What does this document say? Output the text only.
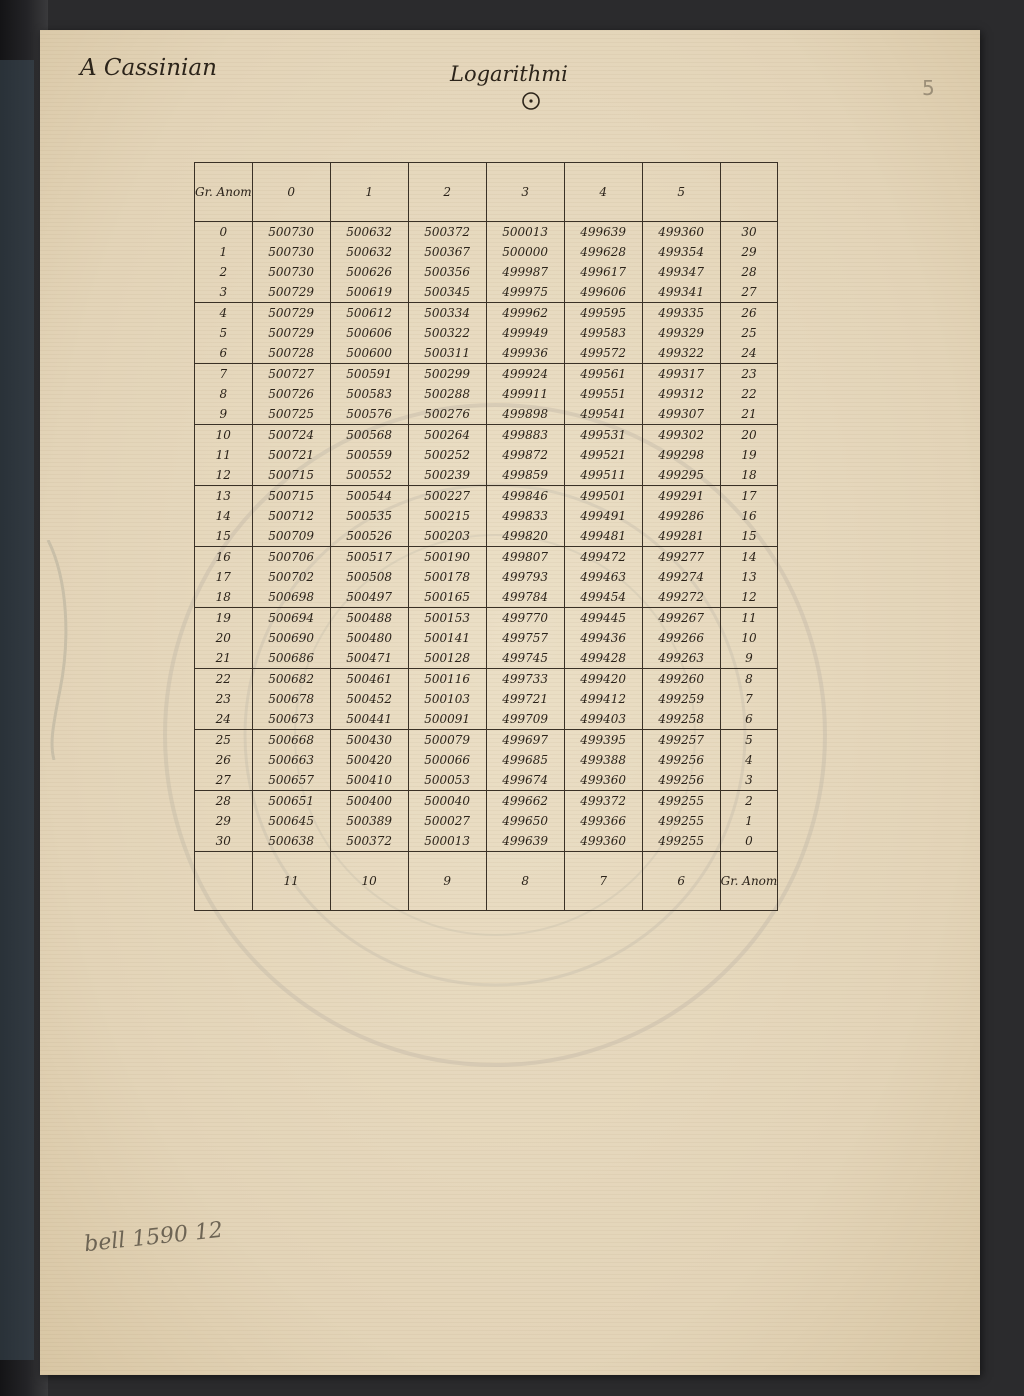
5
A Cassinian	Logarithmi
bell 1590 12
Gr. Anom	0	1	2	3	4	5	
0	500730	500632	500372	500013	499639	499360	30
1	500730	500632	500367	500000	499628	499354	29
2	500730	500626	500356	499987	499617	499347	28
3	500729	500619	500345	499975	499606	499341	27
4	500729	500612	500334	499962	499595	499335	26
5	500729	500606	500322	499949	499583	499329	25
6	500728	500600	500311	499936	499572	499322	24
7	500727	500591	500299	499924	499561	499317	23
8	500726	500583	500288	499911	499551	499312	22
9	500725	500576	500276	499898	499541	499307	21
10	500724	500568	500264	499883	499531	499302	20
11	500721	500559	500252	499872	499521	499298	19
12	500715	500552	500239	499859	499511	499295	18
13	500715	500544	500227	499846	499501	499291	17
14	500712	500535	500215	499833	499491	499286	16
15	500709	500526	500203	499820	499481	499281	15
16	500706	500517	500190	499807	499472	499277	14
17	500702	500508	500178	499793	499463	499274	13
18	500698	500497	500165	499784	499454	499272	12
19	500694	500488	500153	499770	499445	499267	11
20	500690	500480	500141	499757	499436	499266	10
21	500686	500471	500128	499745	499428	499263	9
22	500682	500461	500116	499733	499420	499260	8
23	500678	500452	500103	499721	499412	499259	7
24	500673	500441	500091	499709	499403	499258	6
25	500668	500430	500079	499697	499395	499257	5
26	500663	500420	500066	499685	499388	499256	4
27	500657	500410	500053	499674	499360	499256	3
28	500651	500400	500040	499662	499372	499255	2
29	500645	500389	500027	499650	499366	499255	1
30	500638	500372	500013	499639	499360	499255	0
	11	10	9	8	7	6	Gr. Anom
